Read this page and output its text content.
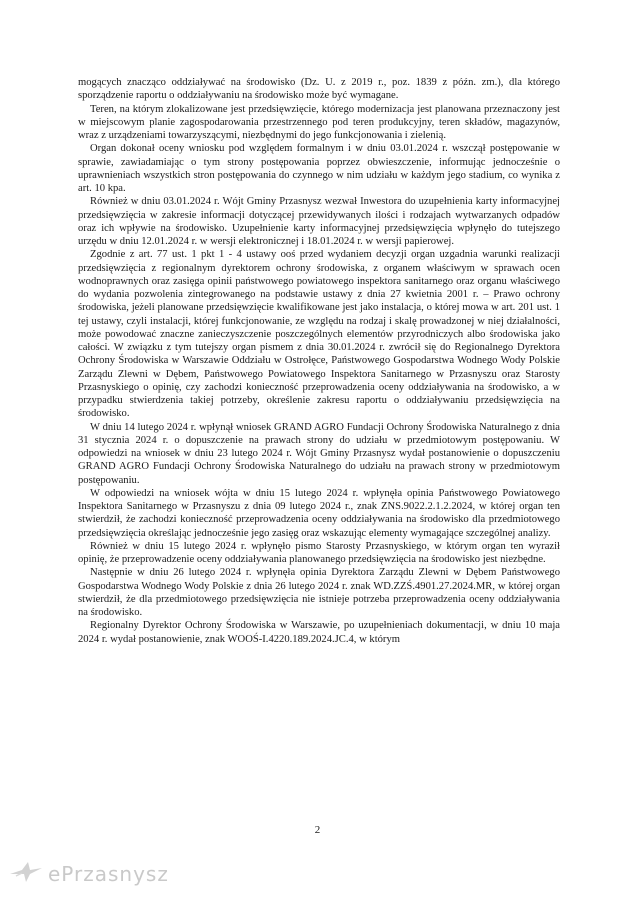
mogących znacząco oddziaływać na środowisko (Dz. U. z 2019 r., poz. 1839 z późn. zm.), dla którego sporządzenie raportu o oddziaływaniu na środowisko może być wymagane.

Teren, na którym zlokalizowane jest przedsięwzięcie, którego modernizacja jest planowana przeznaczony jest w miejscowym planie zagospodarowania przestrzennego pod teren produkcyjny, teren składów, magazynów, wraz z urządzeniami towarzyszącymi, niezbędnymi do jego funkcjonowania i zielenią.

Organ dokonał oceny wniosku pod względem formalnym i w dniu 03.01.2024 r. wszczął postępowanie w sprawie, zawiadamiając o tym strony postępowania poprzez obwieszczenie, informując jednocześnie o uprawnieniach wszystkich stron postępowania do czynnego w nim udziału w każdym jego stadium, co wynika z art. 10 kpa.

Również w dniu 03.01.2024 r. Wójt Gminy Przasnysz wezwał Inwestora do uzupełnienia karty informacyjnej przedsięwzięcia w zakresie informacji dotyczącej przewidywanych ilości i rodzajach wytwarzanych odpadów oraz ich wpływie na środowisko. Uzupełnienie karty informacyjnej przedsięwzięcia wpłynęło do tutejszego urzędu w dniu 12.01.2024 r. w wersji elektronicznej i 18.01.2024 r. w wersji papierowej.

Zgodnie z art. 77 ust. 1 pkt 1 - 4 ustawy ooś przed wydaniem decyzji organ uzgadnia warunki realizacji przedsięwzięcia z regionalnym dyrektorem ochrony środowiska, z organem właściwym w sprawach ocen wodnoprawnych oraz zasięga opinii państwowego powiatowego inspektora sanitarnego oraz organu właściwego do wydania pozwolenia zintegrowanego na podstawie ustawy z dnia 27 kwietnia 2001 r. – Prawo ochrony środowiska, jeżeli planowane przedsięwzięcie kwalifikowane jest jako instalacja, o której mowa w art. 201 ust. 1 tej ustawy, czyli instalacji, której funkcjonowanie, ze względu na rodzaj i skalę prowadzonej w niej działalności, może powodować znaczne zanieczyszczenie poszczególnych elementów przyrodniczych albo środowiska jako całości. W związku z tym tutejszy organ pismem z dnia 30.01.2024 r. zwrócił się do Regionalnego Dyrektora Ochrony Środowiska w Warszawie Oddziału w Ostrołęce, Państwowego Gospodarstwa Wodnego Wody Polskie Zarządu Zlewni w Dębem, Państwowego Powiatowego Inspektora Sanitarnego w Przasnyszu oraz Starosty Przasnyskiego o opinię, czy zachodzi konieczność przeprowadzenia oceny oddziaływania na środowisko, a w przypadku stwierdzenia takiej potrzeby, określenie zakresu raportu o oddziaływaniu przedsięwzięcia na środowisko.

W dniu 14 lutego 2024 r. wpłynął wniosek GRAND AGRO Fundacji Ochrony Środowiska Naturalnego z dnia 31 stycznia 2024 r. o dopuszczenie na prawach strony do udziału w przedmiotowym postępowaniu. W odpowiedzi na wniosek w dniu 23 lutego 2024 r. Wójt Gminy Przasnysz wydał postanowienie o dopuszczeniu GRAND AGRO Fundacji Ochrony Środowiska Naturalnego do udziału na prawach strony w przedmiotowym postępowaniu.

W odpowiedzi na wniosek wójta w dniu 15 lutego 2024 r. wpłynęła opinia Państwowego Powiatowego Inspektora Sanitarnego w Przasnyszu z dnia 09 lutego 2024 r., znak ZNS.9022.2.1.2.2024, w której organ ten stwierdził, że zachodzi konieczność przeprowadzenia oceny oddziaływania na środowisko dla przedmiotowego przedsięwzięcia określając jednocześnie jego zasięg oraz wskazując elementy wymagające szczególnej analizy.

Również w dniu 15 lutego 2024 r. wpłynęło pismo Starosty Przasnyskiego, w którym organ ten wyraził opinię, że przeprowadzenie oceny oddziaływania planowanego przedsięwzięcia na środowisko jest niezbędne.

Następnie w dniu 26 lutego 2024 r. wpłynęła opinia Dyrektora Zarządu Zlewni w Dębem Państwowego Gospodarstwa Wodnego Wody Polskie z dnia 26 lutego 2024 r. znak WD.ZZŚ.4901.27.2024.MR, w której organ stwierdził, że dla przedmiotowego przedsięwzięcia nie istnieje potrzeba przeprowadzenia oceny oddziaływania na środowisko.

Regionalny Dyrektor Ochrony Środowiska w Warszawie, po uzupełnieniach dokumentacji, w dniu 10 maja 2024 r. wydał postanowienie, znak WOOŚ-I.4220.189.2024.JC.4, w którym

2
ePrzasnysz
